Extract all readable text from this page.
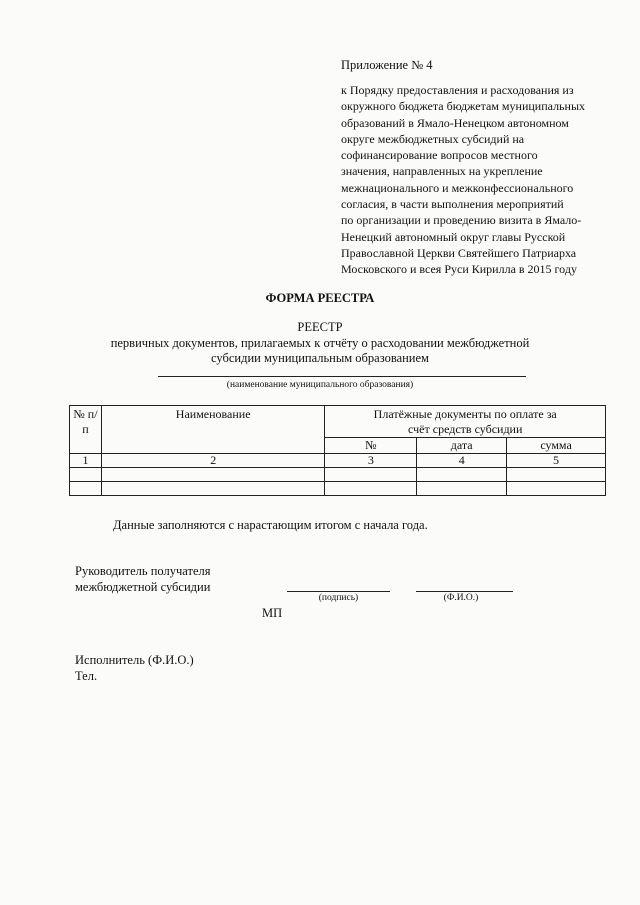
Приложение № 4
к Порядку предоставления и расходования из
окружного бюджета бюджетам муниципальных
образований в Ямало-Ненецком автономном
округе межбюджетных субсидий на
софинансирование вопросов местного
значения, направленных на укрепление
межнационального и межконфессионального
согласия, в части выполнения мероприятий
по организации и проведению визита в Ямало-
Ненецкий автономный округ главы Русской
Православной Церкви Святейшего Патриарха
Московского и всея Руси Кирилла в 2015 году
ФОРМА РЕЕСТРА
РЕЕСТР
первичных документов, прилагаемых к отчёту о расходовании межбюджетной
субсидии муниципальным образованием
(наименование муниципального образования)
№ п/п	Наименование	Платёжные документы по оплате за счёт средств субсидии		
		№	дата	сумма
1	2	3	4	5

Данные заполняются с нарастающим итогом с начала года.
Руководитель получателя
межбюджетной субсидии
(подпись)	(Ф.И.О.)
МП
Исполнитель (Ф.И.О.)
Тел.
